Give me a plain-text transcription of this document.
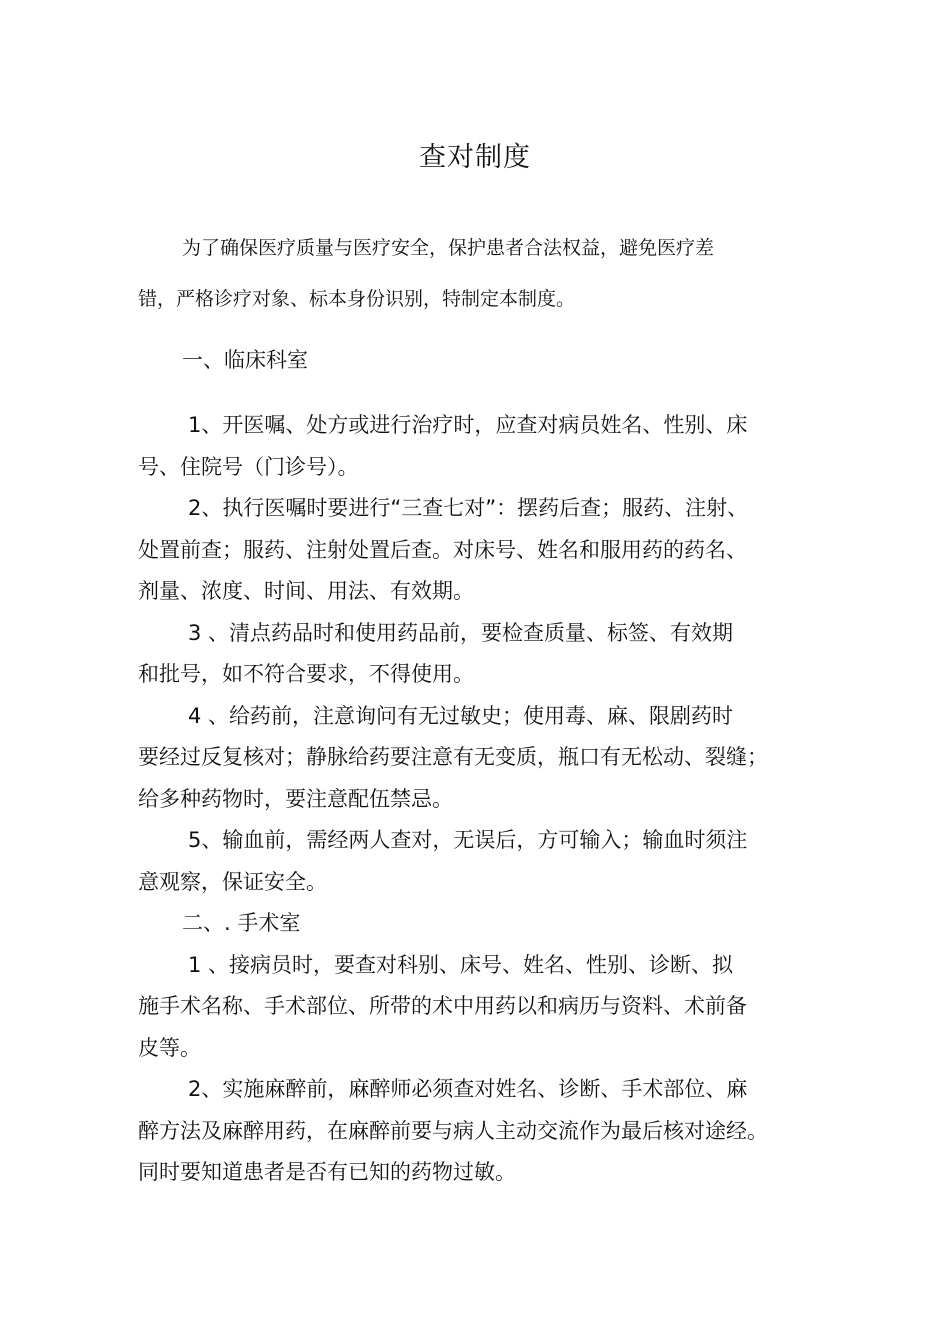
查对制度
为了确保医疗质量与医疗安全，保护患者合法权益，避免医疗差
错，严格诊疗对象、标本身份识别，特制定本制度。
一、临床科室
1、开医嘱、处方或进行治疗时，应查对病员姓名、性别、床
号、住院号（门诊号）。
2、执行医嘱时要进行“三查七对”：摆药后查；服药、注射、
处置前查；服药、注射处置后查。对床号、姓名和服用药的药名、
剂量、浓度、时间、用法、有效期。
3 、清点药品时和使用药品前，要检查质量、标签、有效期
和批号，如不符合要求，不得使用。
4 、给药前，注意询问有无过敏史；使用毒、麻、限剧药时
要经过反复核对；静脉给药要注意有无变质，瓶口有无松动、裂缝；
给多种药物时，要注意配伍禁忌。
5、输血前，需经两人查对，无误后，方可输入；输血时须注
意观察，保证安全。
二、. 手术室
1 、接病员时，要查对科别、床号、姓名、性别、诊断、拟
施手术名称、手术部位、所带的术中用药以和病历与资料、术前备
皮等。
2、实施麻醉前，麻醉师必须查对姓名、诊断、手术部位、麻
醉方法及麻醉用药，在麻醉前要与病人主动交流作为最后核对途经。
同时要知道患者是否有已知的药物过敏。
